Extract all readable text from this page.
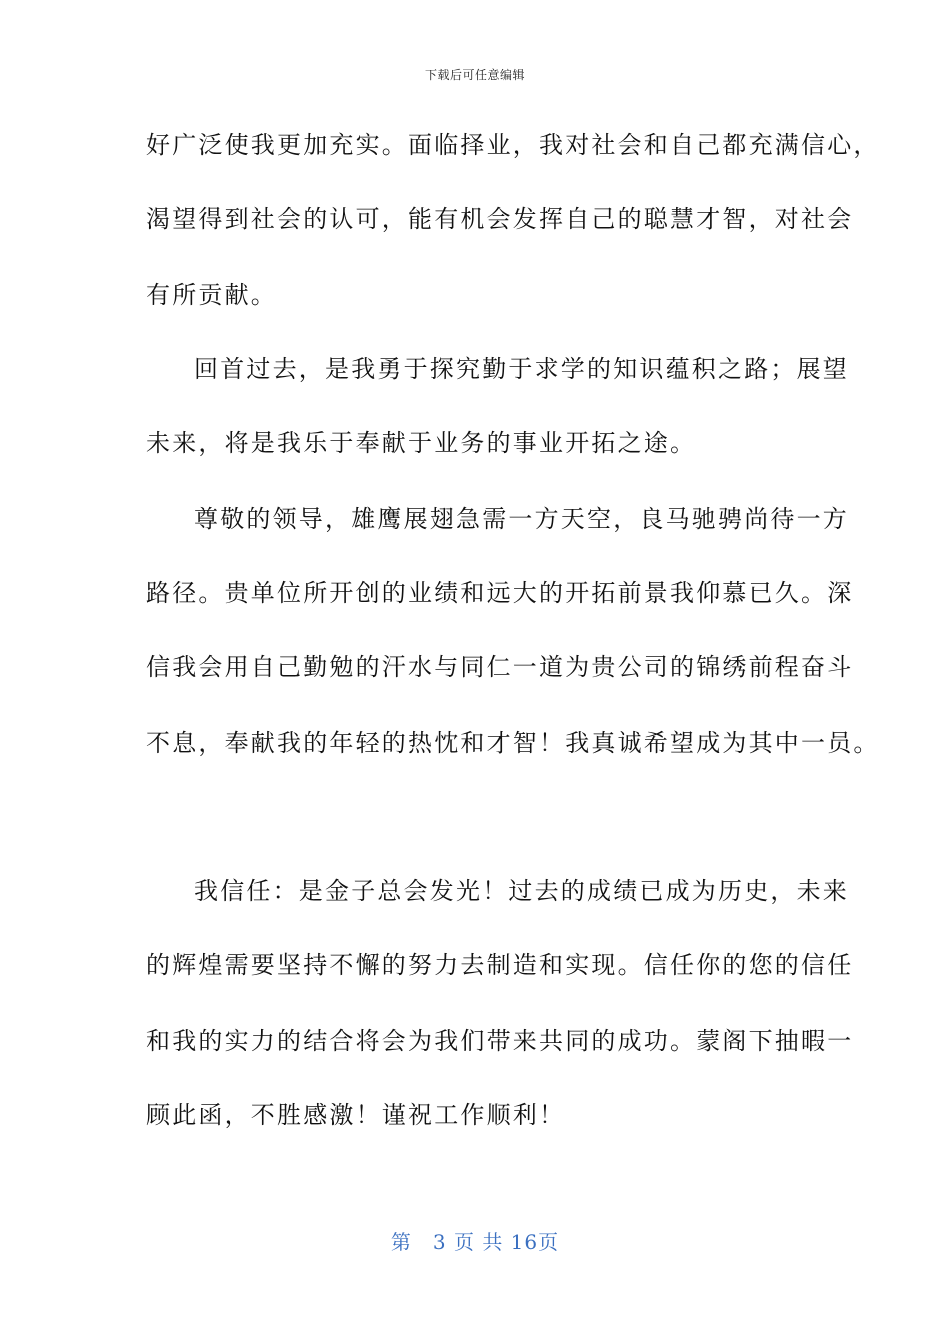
下载后可任意编辑
好广泛使我更加充实。面临择业，我对社会和自己都充满信心，
渴望得到社会的认可，能有机会发挥自己的聪慧才智，对社会
有所贡献。
回首过去，是我勇于探究勤于求学的知识蕴积之路；展望
未来，将是我乐于奉献于业务的事业开拓之途。
尊敬的领导，雄鹰展翅急需一方天空，良马驰骋尚待一方
路径。贵单位所开创的业绩和远大的开拓前景我仰慕已久。深
信我会用自己勤勉的汗水与同仁一道为贵公司的锦绣前程奋斗
不息，奉献我的年轻的热忱和才智！我真诚希望成为其中一员。
我信任：是金子总会发光！过去的成绩已成为历史，未来
的辉煌需要坚持不懈的努力去制造和实现。信任你的您的信任
和我的实力的结合将会为我们带来共同的成功。蒙阁下抽暇一
顾此函，不胜感激！谨祝工作顺利！
第　3 页 共 16页
